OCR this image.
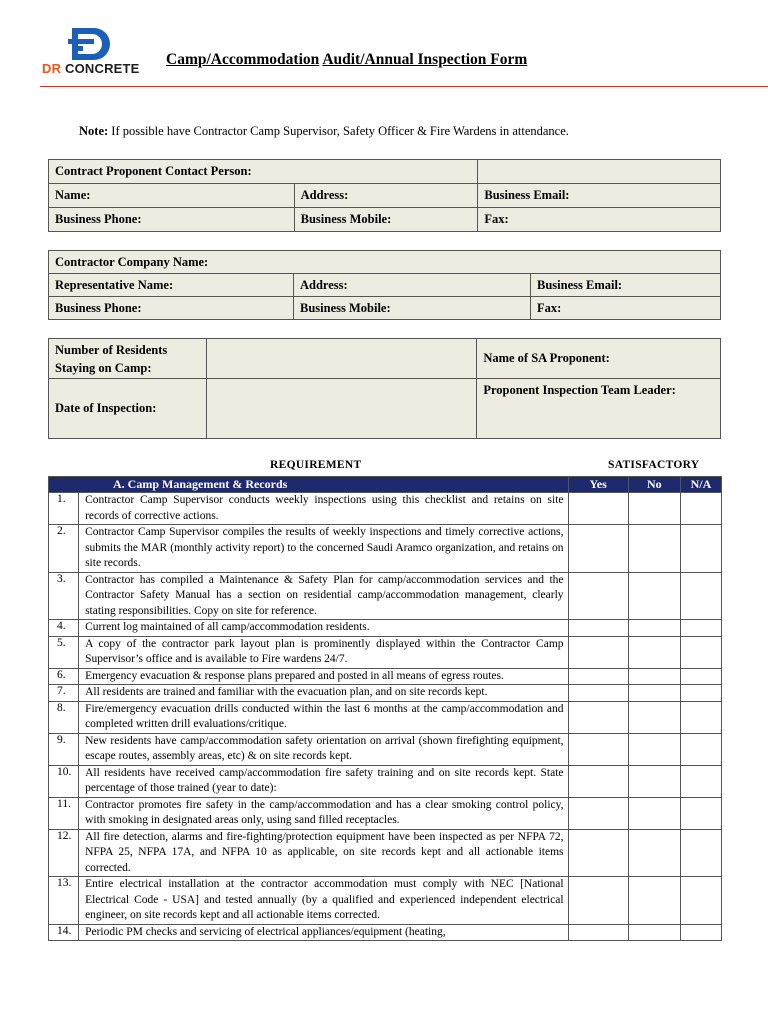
DR CONCRETE
Camp/Accommodation Audit/Annual Inspection Form
Note: If possible have Contractor Camp Supervisor, Safety Officer & Fire Wardens in attendance.
Contract Proponent Contact Person:		
Name:	Address:	Business Email:
Business Phone:	Business Mobile:	Fax:
Contractor Company Name:		
Representative Name:	Address:	Business Email:
Business Phone:	Business Mobile:	Fax:
Number of Residents Staying on Camp:		Name of SA Proponent:
Date of Inspection:		Proponent Inspection Team Leader:
REQUIREMENT	SATISFACTORY
A. Camp Management & Records		Yes	No	N/A
1.	Contractor Camp Supervisor conducts weekly inspections using this checklist and retains on site records of corrective actions.			
2.	Contractor Camp Supervisor compiles the results of weekly inspections and timely corrective actions, submits the MAR (monthly activity report) to the concerned Saudi Aramco organization, and retains on site records.			
3.	Contractor has compiled a Maintenance & Safety Plan for camp/accommodation services and the Contractor Safety Manual has a section on residential camp/accommodation management, clearly stating responsibilities. Copy on site for reference.			
4.	Current log maintained of all camp/accommodation residents.			
5.	A copy of the contractor park layout plan is prominently displayed within the Contractor Camp Supervisor’s office and is available to Fire wardens 24/7.			
6.	Emergency evacuation & response plans prepared and posted in all means of egress routes.			
7.	All residents are trained and familiar with the evacuation plan, and on site records kept.			
8.	Fire/emergency evacuation drills conducted within the last 6 months at the camp/accommodation and completed written drill evaluations/critique.			
9.	New residents have camp/accommodation safety orientation on arrival (shown firefighting equipment, escape routes, assembly areas, etc) & on site records kept.			
10.	All residents have received camp/accommodation fire safety training and on site records kept. State percentage of those trained (year to date):			
11.	Contractor promotes fire safety in the camp/accommodation and has a clear smoking control policy, with smoking in designated areas only, using sand filled receptacles.			
12.	All fire detection, alarms and fire-fighting/protection equipment have been inspected as per NFPA 72, NFPA 25, NFPA 17A, and NFPA 10 as applicable, on site records kept and all actionable items corrected.			
13.	Entire electrical installation at the contractor accommodation must comply with NEC [National Electrical Code - USA] and tested annually (by a qualified and experienced independent electrical engineer, on site records kept and all actionable items corrected.			
14.	Periodic PM checks and servicing of electrical appliances/equipment (heating,			
